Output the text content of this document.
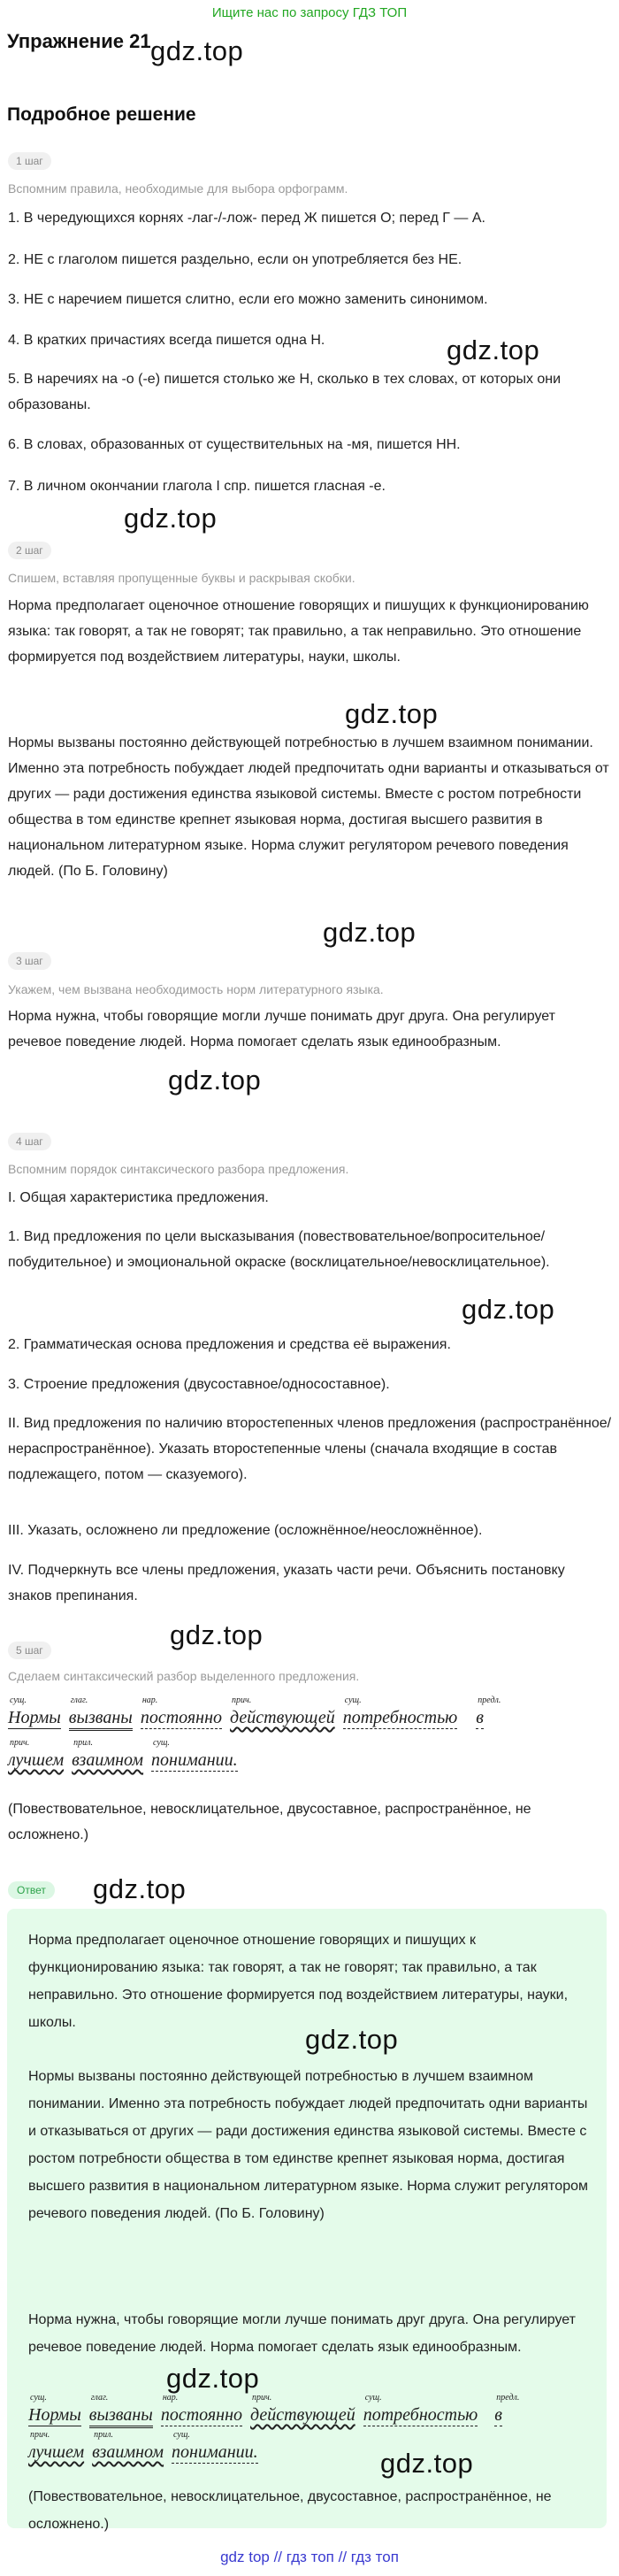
Ищите нас по запросу ГДЗ ТОП
Упражнение 21 gdz.top
Подробное решение
1 шаг
Вспомним правила, необходимые для выбора орфограмм.
1. В чередующихся корнях -лаг-/-лож- перед Ж пишется О; перед Г — А.
2. НЕ с глаголом пишется раздельно, если он употребляется без НЕ.
3. НЕ с наречием пишется слитно, если его можно заменить синонимом.
4. В кратких причастиях всегда пишется одна Н.	gdz.top
5. В наречиях на -о (-е) пишется столько же Н, сколько в тех словах, от которых они образованы.
6. В словах, образованных от существительных на -мя, пишется НН.
7. В личном окончании глагола I спр. пишется гласная -е.
gdz.top
2 шаг
Спишем, вставляя пропущенные буквы и раскрывая скобки.
Норма предполагает оценочное отношение говорящих и пишущих к функционированию языка: так говорят, а так не говорят; так правильно, а так неправильно. Это отношение формируется под воздействием литературы, науки, школы.
gdz.top
Нормы вызваны постоянно действующей потребностью в лучшем взаимном понимании. Именно эта потребность побуждает людей предпочитать одни варианты и отказываться от других — ради достижения единства языковой системы. Вместе с ростом потребности общества в том единстве крепнет языковая норма, достигая высшего развития в национальном литературном языке. Норма служит регулятором речевого поведения людей. (По Б. Головину)
gdz.top
3 шаг
Укажем, чем вызвана необходимость норм литературного языка.
Норма нужна, чтобы говорящие могли лучше понимать друг друга. Она регулирует речевое поведение людей. Норма помогает сделать язык единообразным.
gdz.top
4 шаг
Вспомним порядок синтаксического разбора предложения.
I. Общая характеристика предложения.
1. Вид предложения по цели высказывания (повествовательное/вопросительное/побудительное) и эмоциональной окраске (восклицательное/невосклицательное).
gdz.top
2. Грамматическая основа предложения и средства её выражения.
3. Строение предложения (двусоставное/односоставное).
II. Вид предложения по наличию второстепенных членов предложения (распространённое/нераспространённое). Указать второстепенные члены (сначала входящие в состав подлежащего, потом — сказуемого).
III. Указать, осложнено ли предложение (осложнённое/неосложнённое).
IV. Подчеркнуть все члены предложения, указать части речи. Объяснить постановку знаков препинания.
gdz.top
5 шаг
Сделаем синтаксический разбор выделенного предложения.
сущ.
Нормы
глаг.
вызваны
нар.
постоянно
прич.
действующей
сущ.
потребностью
предл.
в
прич.
лучшем
прил.
взаимном
сущ.
понимании.
(Повествовательное, невосклицательное, двусоставное, распространённое, не осложнено.)
Ответ	gdz.top
Норма предполагает оценочное отношение говорящих и пишущих к функционированию языка: так говорят, а так не говорят; так правильно, а так неправильно. Это отношение формируется под воздействием литературы, науки, школы.
gdz.top
Нормы вызваны постоянно действующей потребностью в лучшем взаимном понимании. Именно эта потребность побуждает людей предпочитать одни варианты и отказываться от других — ради достижения единства языковой системы. Вместе с ростом потребности общества в том единстве крепнет языковая норма, достигая высшего развития в национальном литературном языке. Норма служит регулятором речевого поведения людей. (По Б. Головину)
Норма нужна, чтобы говорящие могли лучше понимать друг друга. Она регулирует речевое поведение людей. Норма помогает сделать язык единообразным.
gdz.top
сущ.
Нормы
глаг.
вызваны
нар.
постоянно
прич.
действующей
сущ.
потребностью
предл.
в
прич.
лучшем
прил.
взаимном
сущ.
понимании.	gdz.top
(Повествовательное, невосклицательное, двусоставное, распространённое, не осложнено.)
gdz top // гдз топ // гдз топ
